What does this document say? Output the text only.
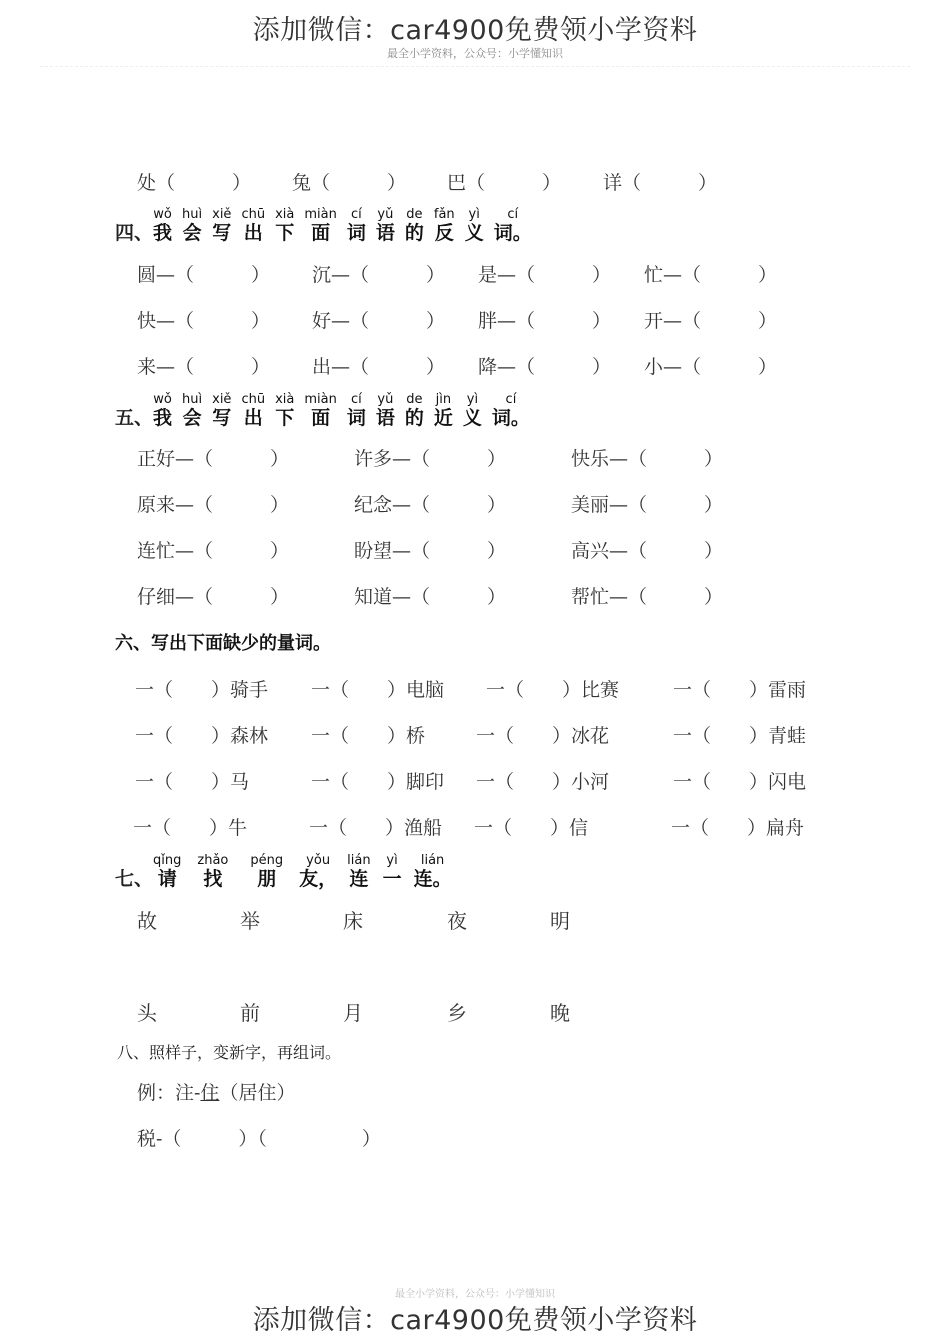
添加微信：car4900免费领小学资料
最全小学资料，公众号：小学懂知识
处（　　　） 兔（　　　） 巴（　　　） 详（　　　）
四、
wǒ
我
huì
会
xiě
写
chū
出
xià
下
miàn
面
cí
词
yǔ
语
de
的
fǎn
反
yì
义
cí
词。
圆—（　　　） 沉—（　　　） 是—（　　　） 忙—（　　　）
快—（　　　） 好—（　　　） 胖—（　　　） 开—（　　　）
来—（　　　） 出—（　　　） 降—（　　　） 小—（　　　）
五、
wǒ
我
huì
会
xiě
写
chū
出
xià
下
miàn
面
cí
词
yǔ
语
de
的
jìn
近
yì
义
cí
词。
正好—（　　　）	许多—（　　　）	快乐—（　　　）
原来—（　　　）	纪念—（　　　）	美丽—（　　　）
连忙—（　　　）	盼望—（　　　）	高兴—（　　　）
仔细—（　　　）	知道—（　　　）	帮忙—（　　　）
六、写出下面缺少的量词。
一（　　）骑手 一（　　）电脑 一（　　）比赛	一（　　）雷雨
一（　　）森林 一（　　）桥	一（　　）冰花	一（　　）青蛙
一（　　）马	一（　　）脚印 一（　　）小河	一（　　）闪电
一（　　）牛	一（　　）渔船 一（　　）信	一（　　）扁舟
七、
qǐng
请
zhǎo
找
péng
朋
yǒu
友，
lián
连
yì
一
lián
连。
故	举	床	夜	明
头	前	月	乡	晚
八、照样子，变新字，再组词。
例：注-住（居住）
税-（　　　）（　　　　　）
最全小学资料，公众号：小学懂知识
添加微信：car4900免费领小学资料
